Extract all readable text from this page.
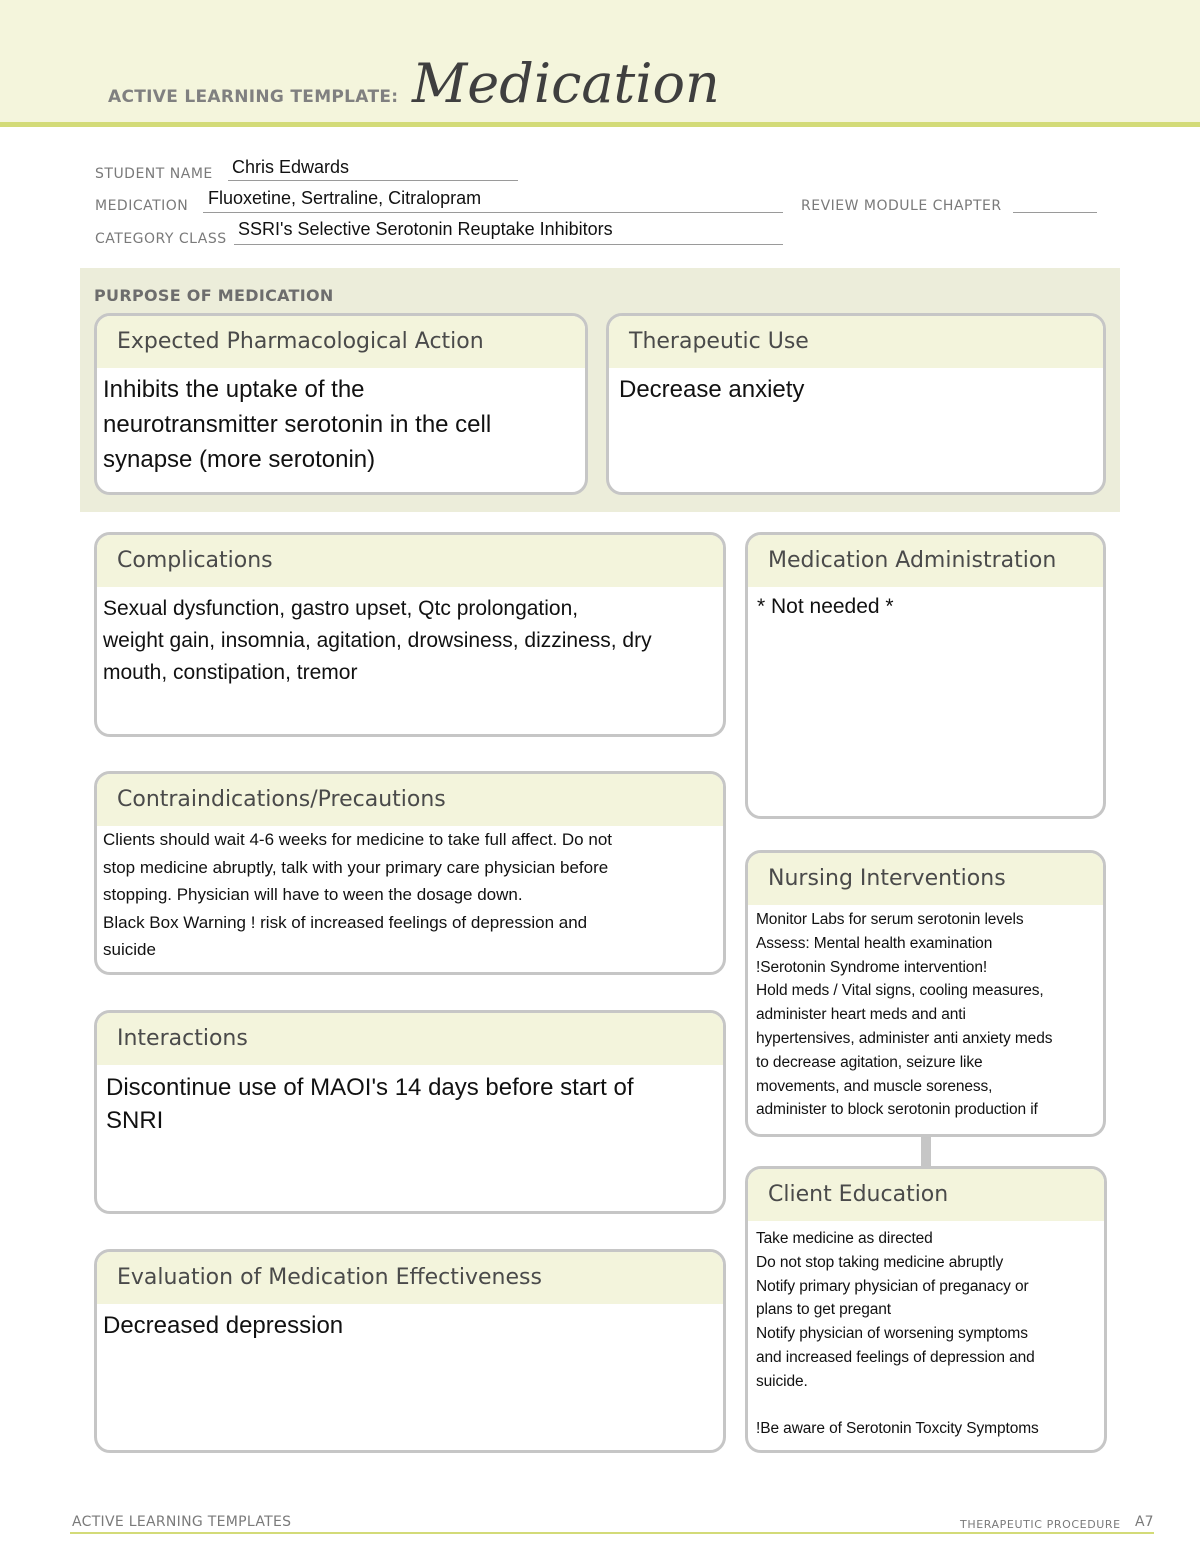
ACTIVE LEARNING TEMPLATE: Medication
STUDENT NAME Chris Edwards
MEDICATION Fluoxetine, Sertraline, Citralopram	REVIEW MODULE CHAPTER
CATEGORY CLASS SSRI's Selective Serotonin Reuptake Inhibitors
PURPOSE OF MEDICATION
Expected Pharmacological Action
Inhibits the uptake of the
neurotransmitter serotonin in the cell
synapse (more serotonin)
Therapeutic Use
Decrease anxiety
Complications
Sexual dysfunction, gastro upset, Qtc prolongation,
weight gain, insomnia, agitation, drowsiness, dizziness, dry
mouth, constipation, tremor
Contraindications/Precautions
Clients should wait 4-6 weeks for medicine to take full affect. Do not
stop medicine abruptly, talk with your primary care physician before
stopping. Physician will have to ween the dosage down.
Black Box Warning ! risk of increased feelings of depression and
suicide
Interactions
Discontinue use of MAOI's 14 days before start of
SNRI
Evaluation of Medication Effectiveness
Decreased depression
Medication Administration
* Not needed *
Nursing Interventions
Monitor Labs for serum serotonin levels
Assess: Mental health examination
!Serotonin Syndrome intervention!
Hold meds / Vital signs, cooling measures,
administer heart meds and anti
hypertensives, administer anti anxiety meds
to decrease agitation, seizure like
movements, and muscle soreness,
administer to block serotonin production if
Client Education
Take medicine as directed
Do not stop taking medicine abruptly
Notify primary physician of preganacy or
plans to get pregant
Notify physician of worsening symptoms
and increased feelings of depression and
suicide.

!Be aware of Serotonin Toxcity Symptoms
ACTIVE LEARNING TEMPLATES	THERAPEUTIC PROCEDURE A7
